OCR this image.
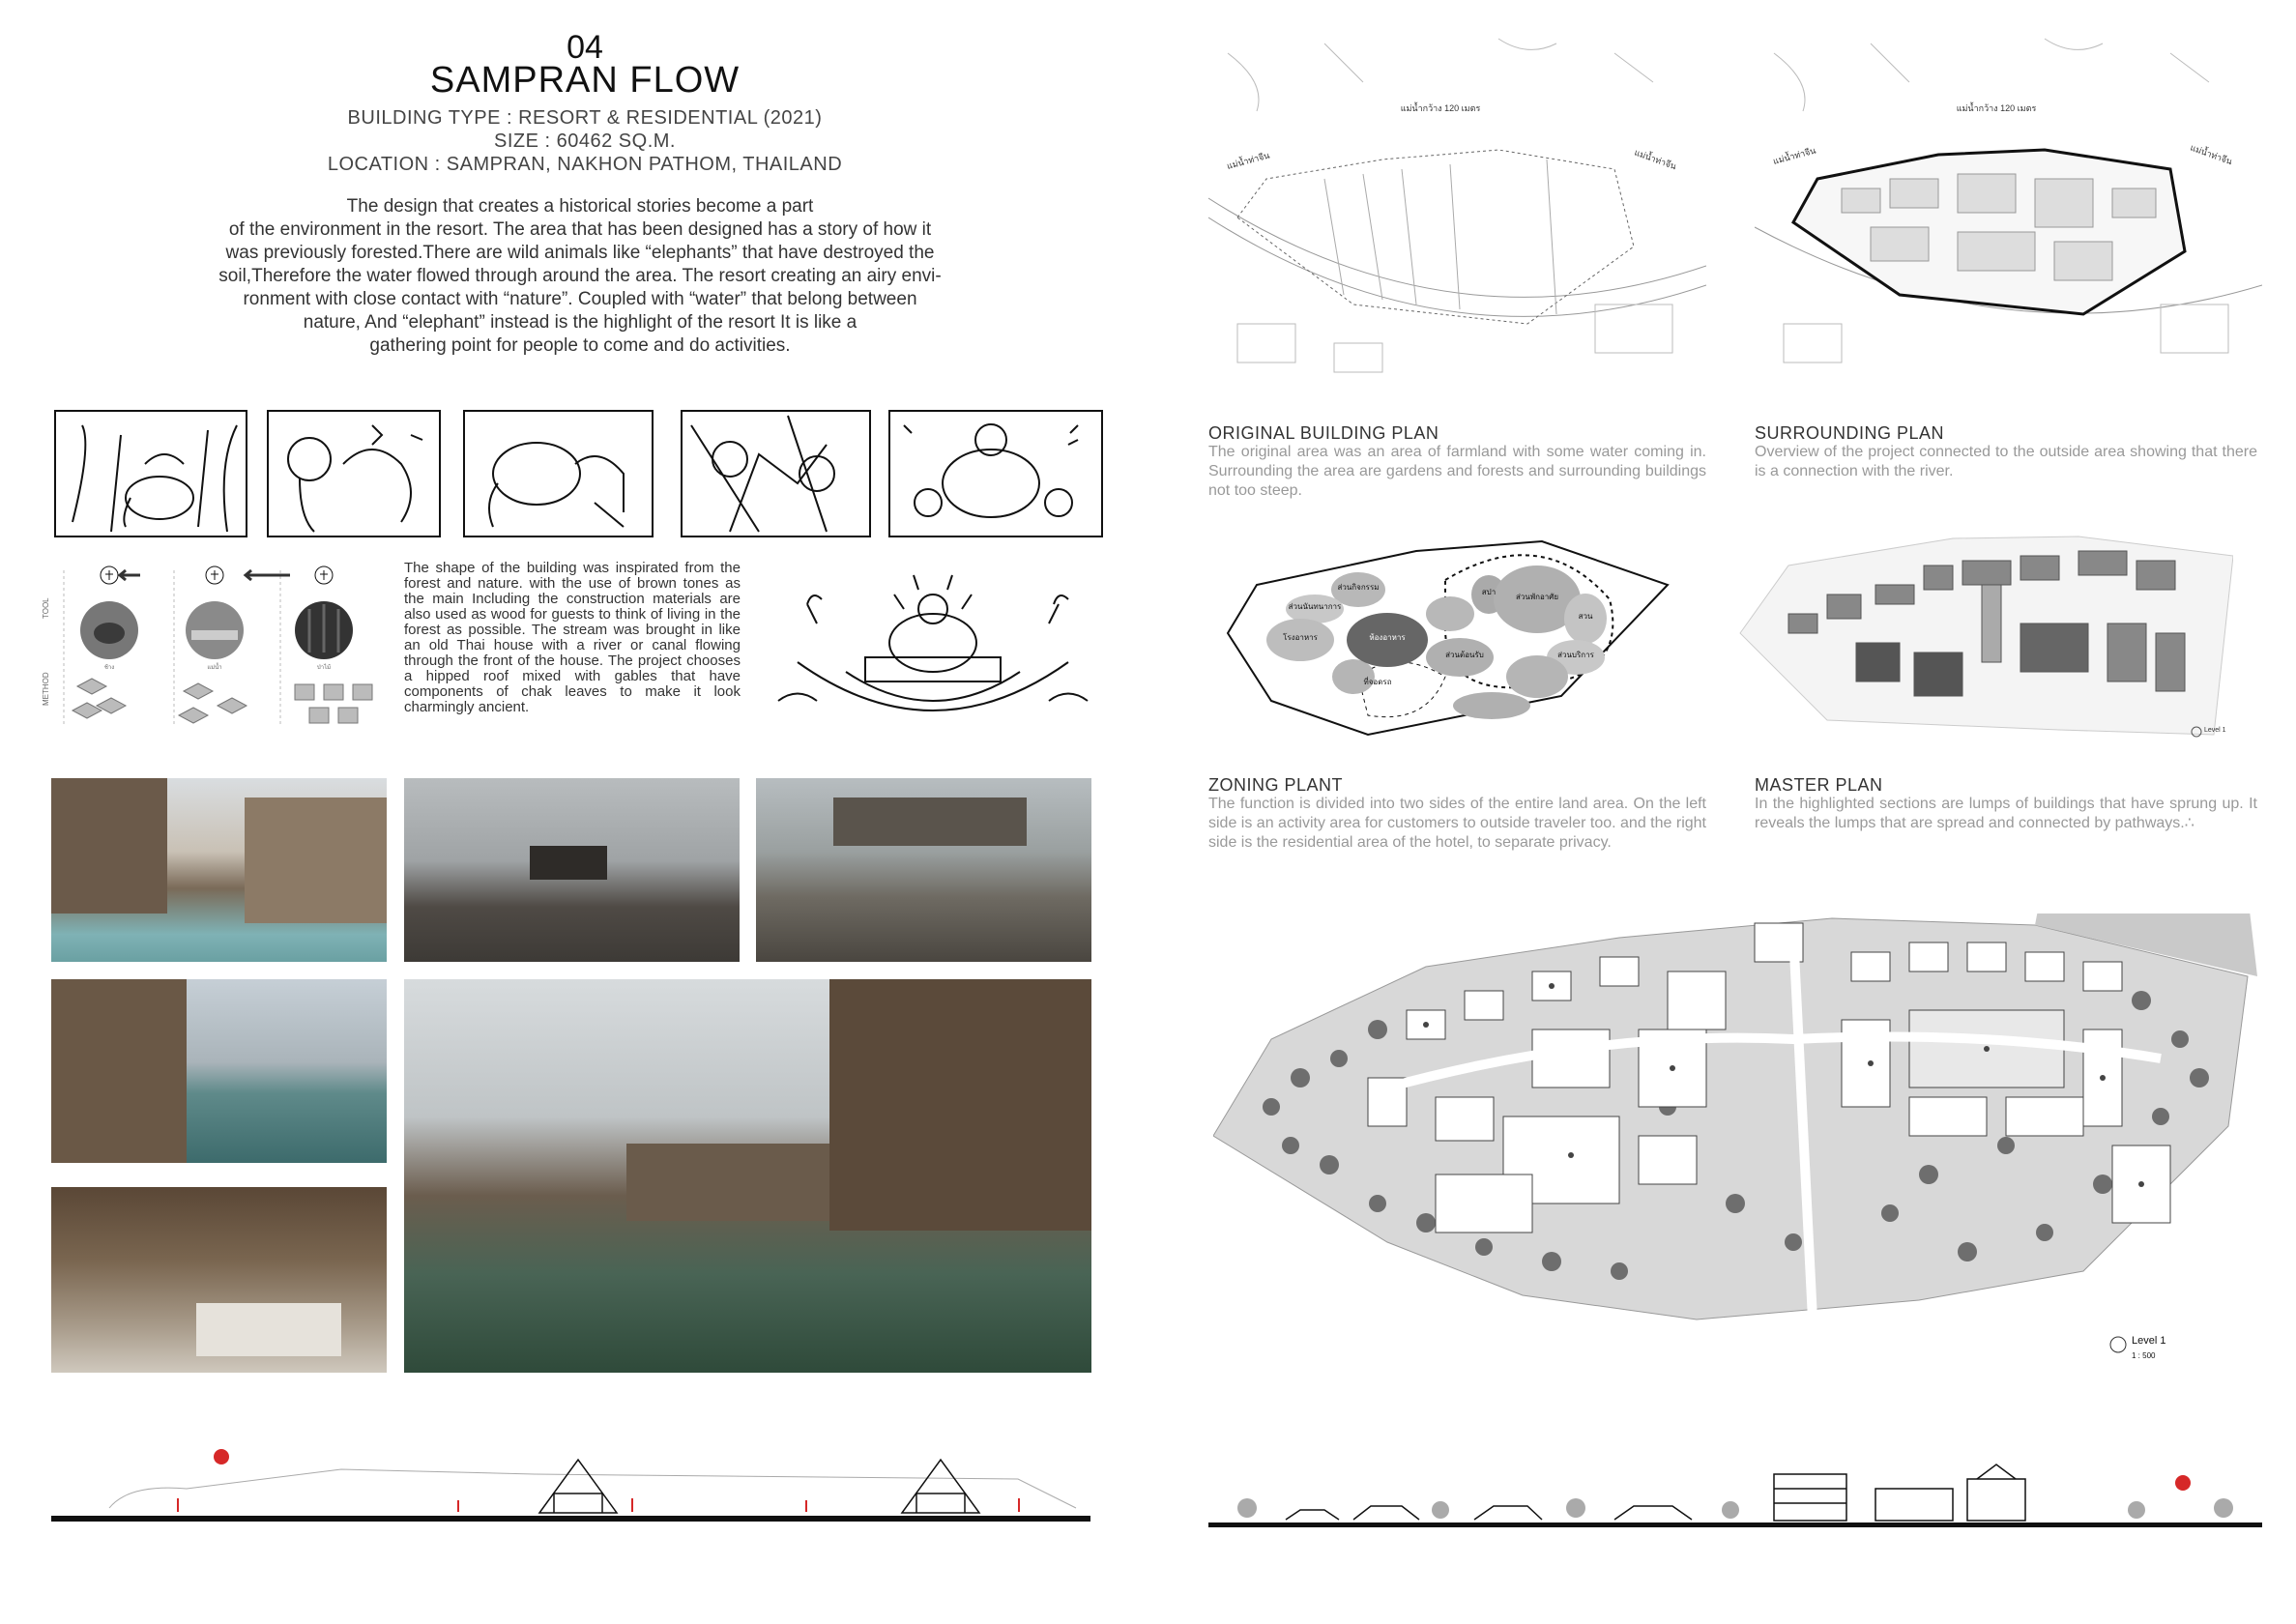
04
SAMPRAN FLOW
BUILDING TYPE : RESORT & RESIDENTIAL (2021)
SIZE : 60462 SQ.M.
LOCATION : SAMPRAN, NAKHON PATHOM, THAILAND
The design that creates a historical stories become a part
of the environment in the resort. The area that has been designed has a story of how it
was previously forested.There are wild animals like “elephants” that have destroyed the
soil,Therefore the water flowed through around the area. The resort creating an airy envi-
ronment with close contact with “nature”. Coupled with “water” that belong between
nature, And “elephant” instead is the highlight of the resort It is like a
gathering point for people to come and do activities.
TOOL
METHOD
ช้าง	แม่น้ำ	ป่าไม้
The shape of the building was inspirated from the forest and nature. with the use of brown tones as the main Including the construction materials are also used as wood for guests to think of living in the forest as possible. The stream was brought in like an old Thai house with a river or canal flowing through the front of the house. The project chooses a hipped roof mixed with gables that have components of chak leaves to make it look charmingly ancient.
แม่น้ำกว้าง 120 เมตร
แม่น้ำท่าจีน	แม่น้ำท่าจีน
แม่น้ำกว้าง 120 เมตร
แม่น้ำท่าจีน	แม่น้ำท่าจีน
ORIGINAL BUILDING PLAN
The original area was an area of farmland with some water coming in. Surrounding the area are gardens and forests and surrounding buildings not too steep.
SURROUNDING PLAN
Overview of the project connected to the outside area showing that there is a connection with the river.
ส่วนกิจกรรม
ส่วนต้อนรับ	ส่วนบริการ
ส่วนพักอาศัย
ส่วนนันทนาการ
สปา
ห้องอาหาร
โรงอาหาร
สวน
ที่จอดรถ
Level 1
ZONING PLANT
The function is divided into two sides of the entire land area. On the left side is an activity area for customers to outside traveler too. and the right side is the residential area of the hotel, to separate privacy.
MASTER PLAN
In the highlighted sections are lumps of buildings that have sprung up. It reveals the lumps that are spread and connected by pathways.∴
Level 1
1 : 500
